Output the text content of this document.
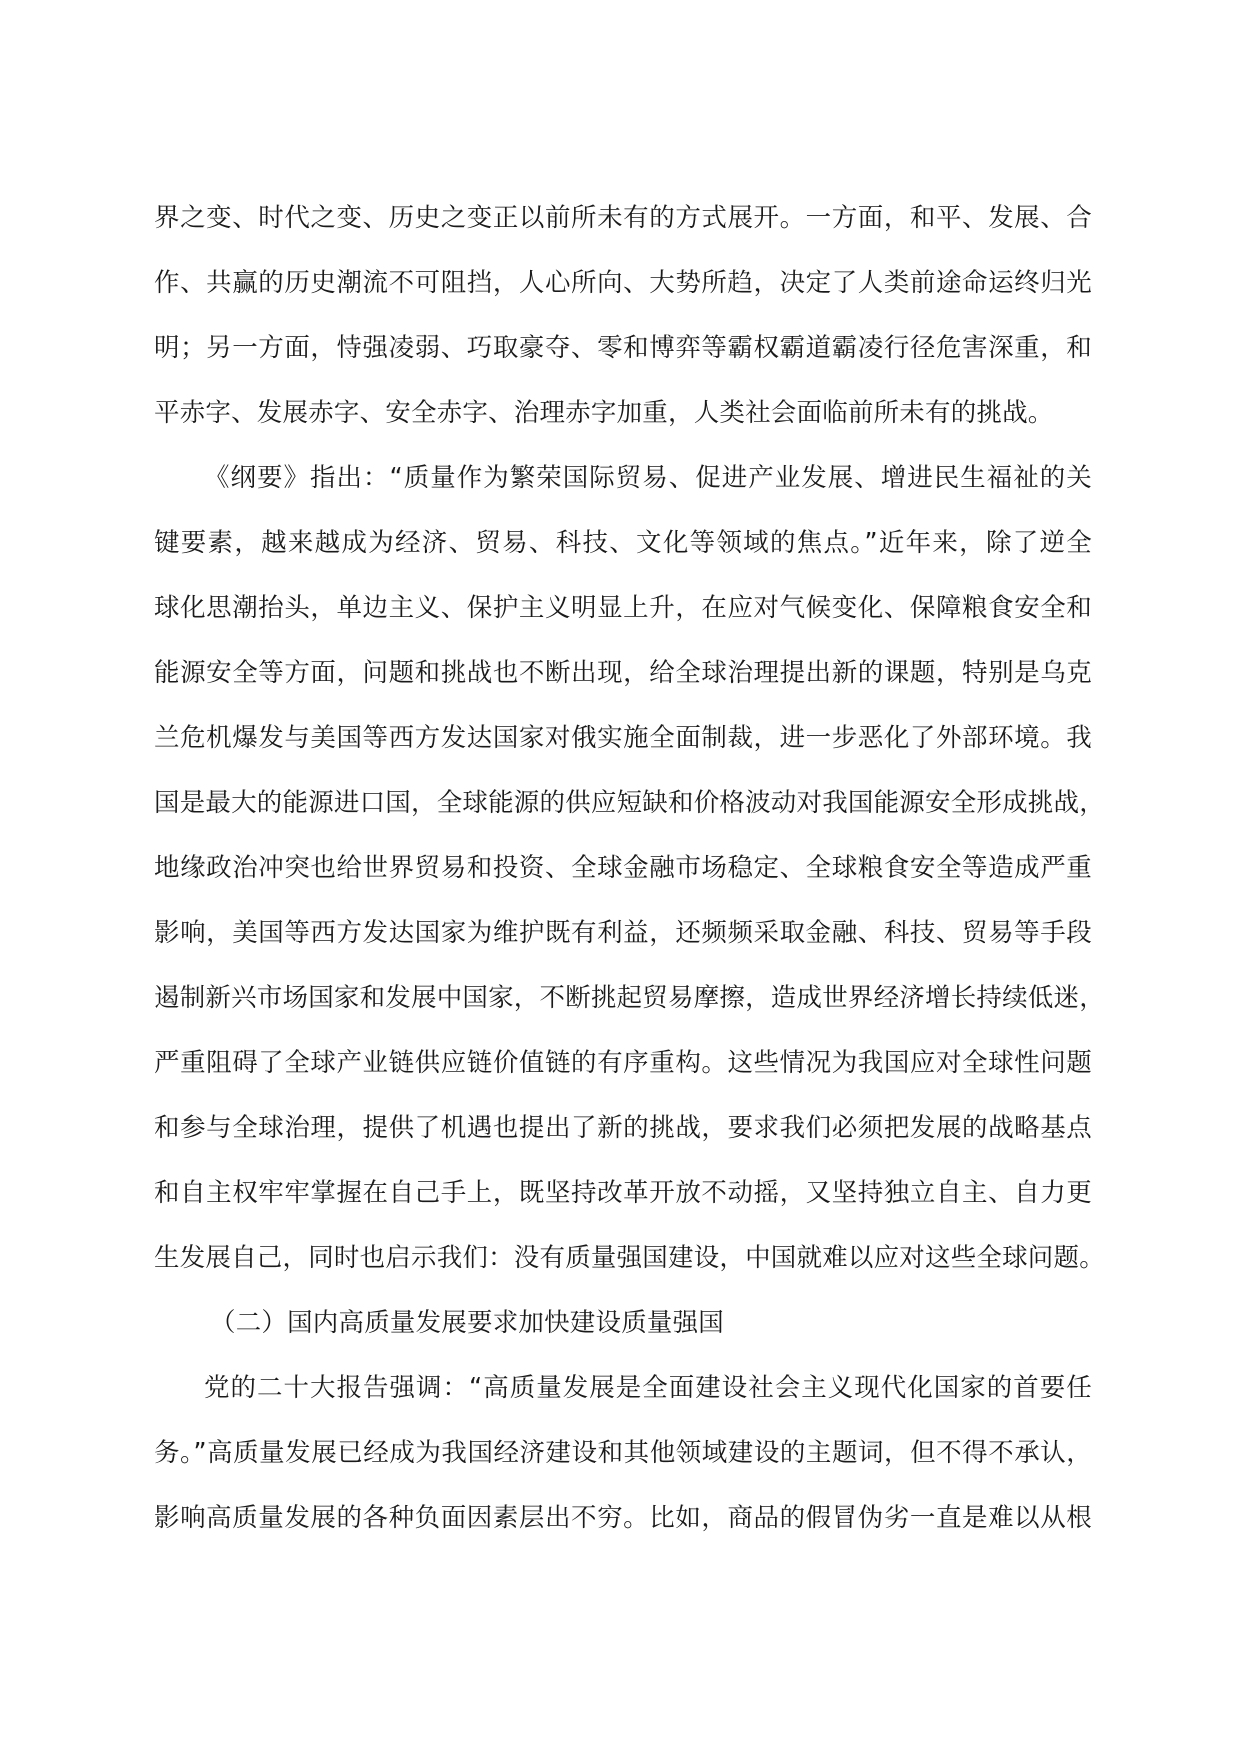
界之变、时代之变、历史之变正以前所未有的方式展开。一方面，和平、发展、合
作、共赢的历史潮流不可阻挡，人心所向、大势所趋，决定了人类前途命运终归光
明；另一方面，恃强凌弱、巧取豪夺、零和博弈等霸权霸道霸凌行径危害深重，和
平赤字、发展赤字、安全赤字、治理赤字加重，人类社会面临前所未有的挑战。
《纲要》指出：“质量作为繁荣国际贸易、促进产业发展、增进民生福祉的关
键要素，越来越成为经济、贸易、科技、文化等领域的焦点。”近年来，除了逆全
球化思潮抬头，单边主义、保护主义明显上升，在应对气候变化、保障粮食安全和
能源安全等方面，问题和挑战也不断出现，给全球治理提出新的课题，特别是乌克
兰危机爆发与美国等西方发达国家对俄实施全面制裁，进一步恶化了外部环境。我
国是最大的能源进口国，全球能源的供应短缺和价格波动对我国能源安全形成挑战，
地缘政治冲突也给世界贸易和投资、全球金融市场稳定、全球粮食安全等造成严重
影响，美国等西方发达国家为维护既有利益，还频频采取金融、科技、贸易等手段
遏制新兴市场国家和发展中国家，不断挑起贸易摩擦，造成世界经济增长持续低迷，
严重阻碍了全球产业链供应链价值链的有序重构。这些情况为我国应对全球性问题
和参与全球治理，提供了机遇也提出了新的挑战，要求我们必须把发展的战略基点
和自主权牢牢掌握在自己手上，既坚持改革开放不动摇，又坚持独立自主、自力更
生发展自己，同时也启示我们：没有质量强国建设，中国就难以应对这些全球问题。
（二）国内高质量发展要求加快建设质量强国
党的二十大报告强调：“高质量发展是全面建设社会主义现代化国家的首要任
务。”高质量发展已经成为我国经济建设和其他领域建设的主题词，但不得不承认，
影响高质量发展的各种负面因素层出不穷。比如，商品的假冒伪劣一直是难以从根
